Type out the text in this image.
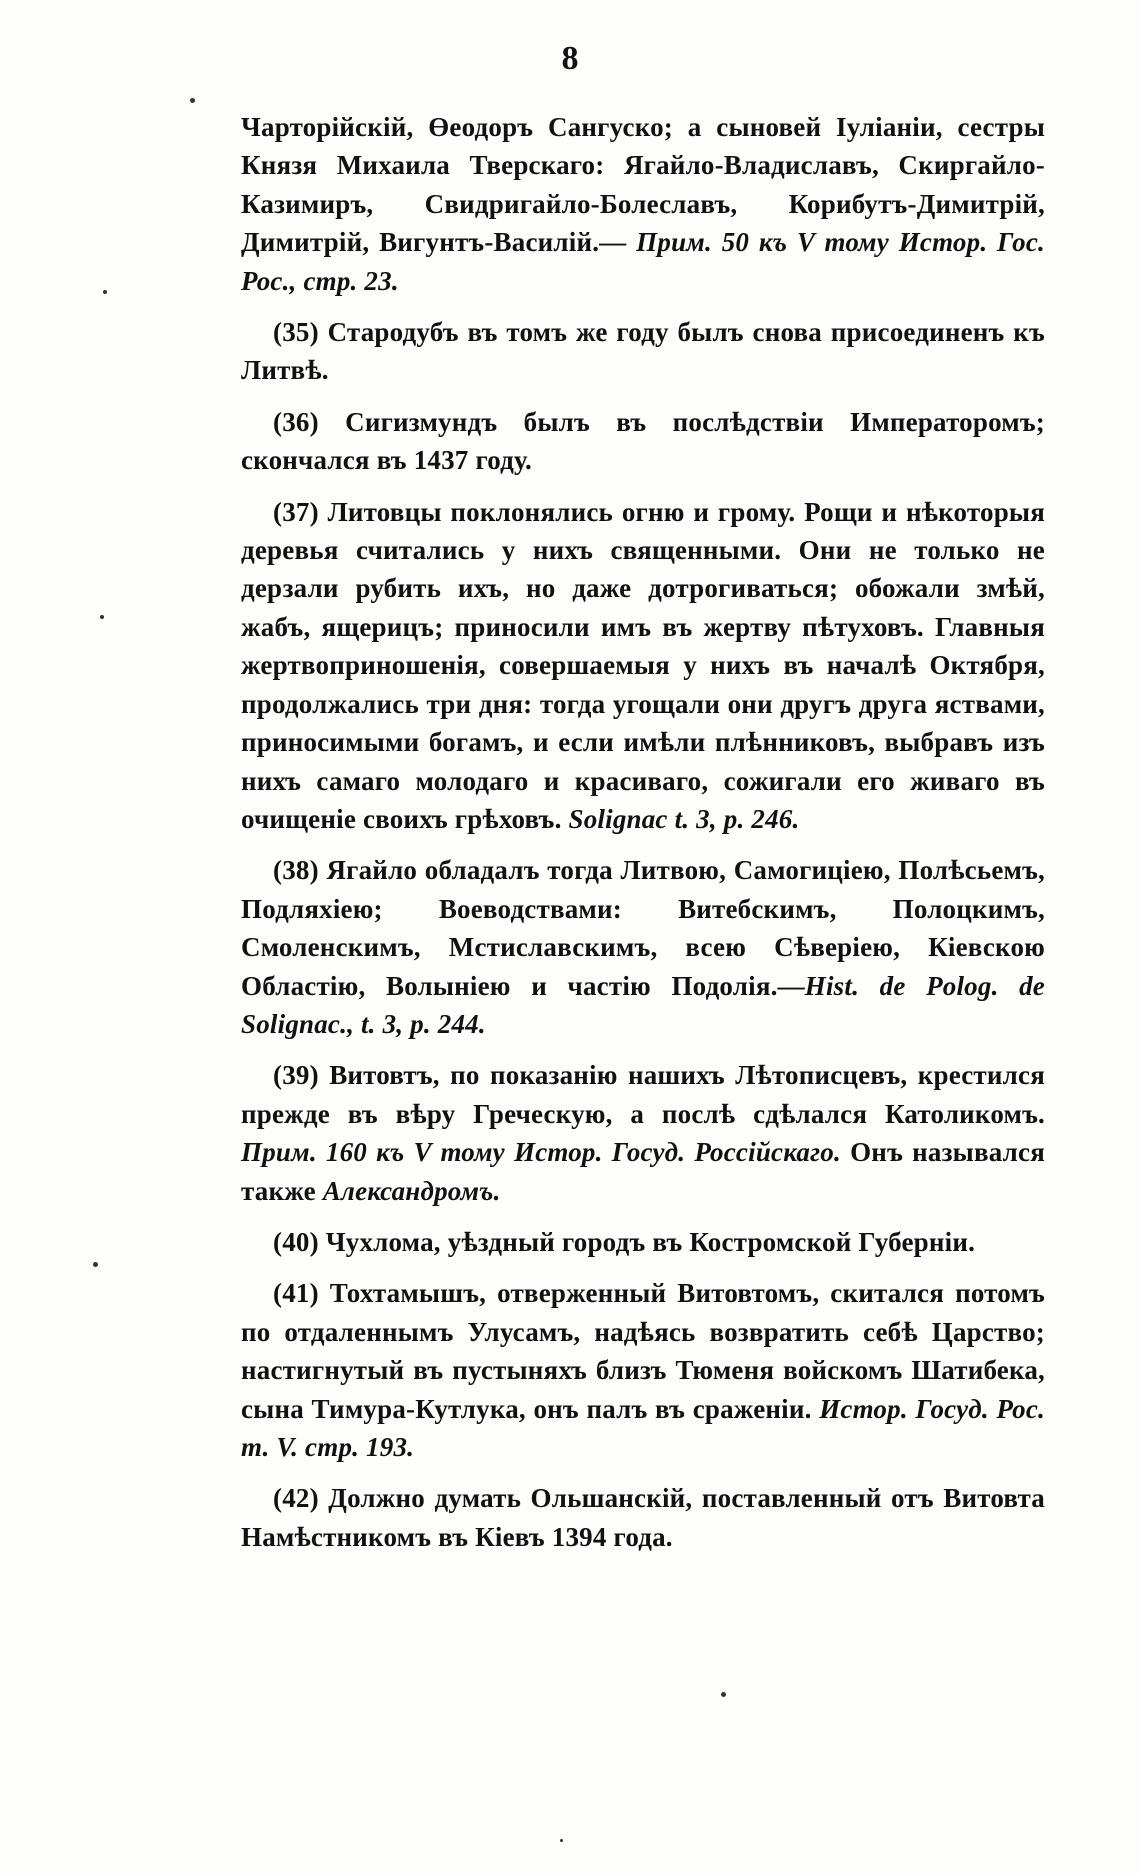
8

Чарторійскій, Өеодоръ Сангуско; а сыновей Іуліаніи, сестры Князя Михаила Тверскаго: Ягайло-Владиславъ, Скиргайло-Казимиръ, Свидригайло-Болеславъ, Корибутъ-Димитрій, Димитрій, Вигунтъ-Василій.— Прим. 50 къ V тому Истор. Гос. Рос., стр. 23.

(35) Стародубъ въ томъ же году былъ снова присоединенъ къ Литвѣ.

(36) Сигизмундъ былъ въ послѣдствіи Императоромъ; скончался въ 1437 году.

(37) Литовцы поклонялись огню и грому. Рощи и нѣкоторыя деревья считались у нихъ священными. Они не только не дерзали рубить ихъ, но даже дотрогиваться; обожали змѣй, жабъ, ящерицъ; приносили имъ въ жертву пѣтуховъ. Главныя жертвоприношенія, совершаемыя у нихъ въ началѣ Октября, продолжались три дня: тогда угощали они другъ друга яствами, приносимыми богамъ, и если имѣли плѣнниковъ, выбравъ изъ нихъ самаго молодаго и красиваго, сожигали его живаго въ очищеніе своихъ грѣховъ. Solignac t. 3, p. 246.

(38) Ягайло обладалъ тогда Литвою, Самогиціею, Полѣсьемъ, Подляхіею; Воеводствами: Витебскимъ, Полоцкимъ, Смоленскимъ, Мстиславскимъ, всею Сѣверіею, Кіевскою Областію, Волыніею и частію Подолія.—Hist. de Polog. de Solignac., t. 3, p. 244.

(39) Витовтъ, по показанію нашихъ Лѣтописцевъ, крестился прежде въ вѣру Греческую, а послѣ сдѣлался Католикомъ. Прим. 160 къ V тому Истор. Госуд. Россійскаго. Онъ назывался также Александромъ.

(40) Чухлома, уѣздный городъ въ Костромской Губерніи.

(41) Тохтамышъ, отверженный Витовтомъ, скитался потомъ по отдаленнымъ Улусамъ, надѣясь возвратить себѣ Царство; настигнутый въ пустыняхъ близъ Тюменя войскомъ Шатибека, сына Тимура-Кутлука, онъ палъ въ сраженіи. Истор. Госуд. Рос. т. V. стр. 193.

(42) Должно думать Ольшанскій, поставленный отъ Витовта Намѣстникомъ въ Кіевъ 1394 года.
